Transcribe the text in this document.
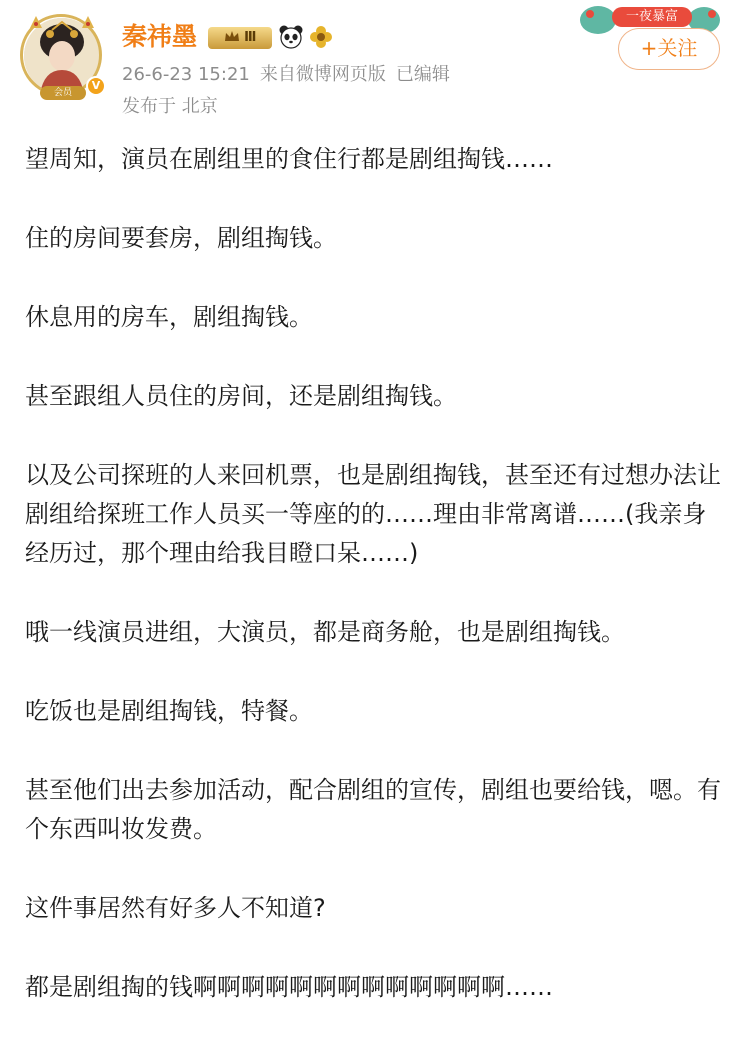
会员
V
秦祎墨	Ⅲ
26-6-23 15:21 来自微博网页版 已编辑
发布于 北京
一夜暴富
+关注

望周知，演员在剧组里的食住行都是剧组掏钱……

住的房间要套房，剧组掏钱。

休息用的房车，剧组掏钱。

甚至跟组人员住的房间，还是剧组掏钱。

以及公司探班的人来回机票，也是剧组掏钱，甚至还有过想办法让剧组给探班工作人员买一等座的的……理由非常离谱……(我亲身经历过，那个理由给我目瞪口呆……)

哦一线演员进组，大演员，都是商务舱，也是剧组掏钱。

吃饭也是剧组掏钱，特餐。

甚至他们出去参加活动，配合剧组的宣传，剧组也要给钱，嗯。有个东西叫妆发费。

这件事居然有好多人不知道?

都是剧组掏的钱啊啊啊啊啊啊啊啊啊啊啊啊啊……
